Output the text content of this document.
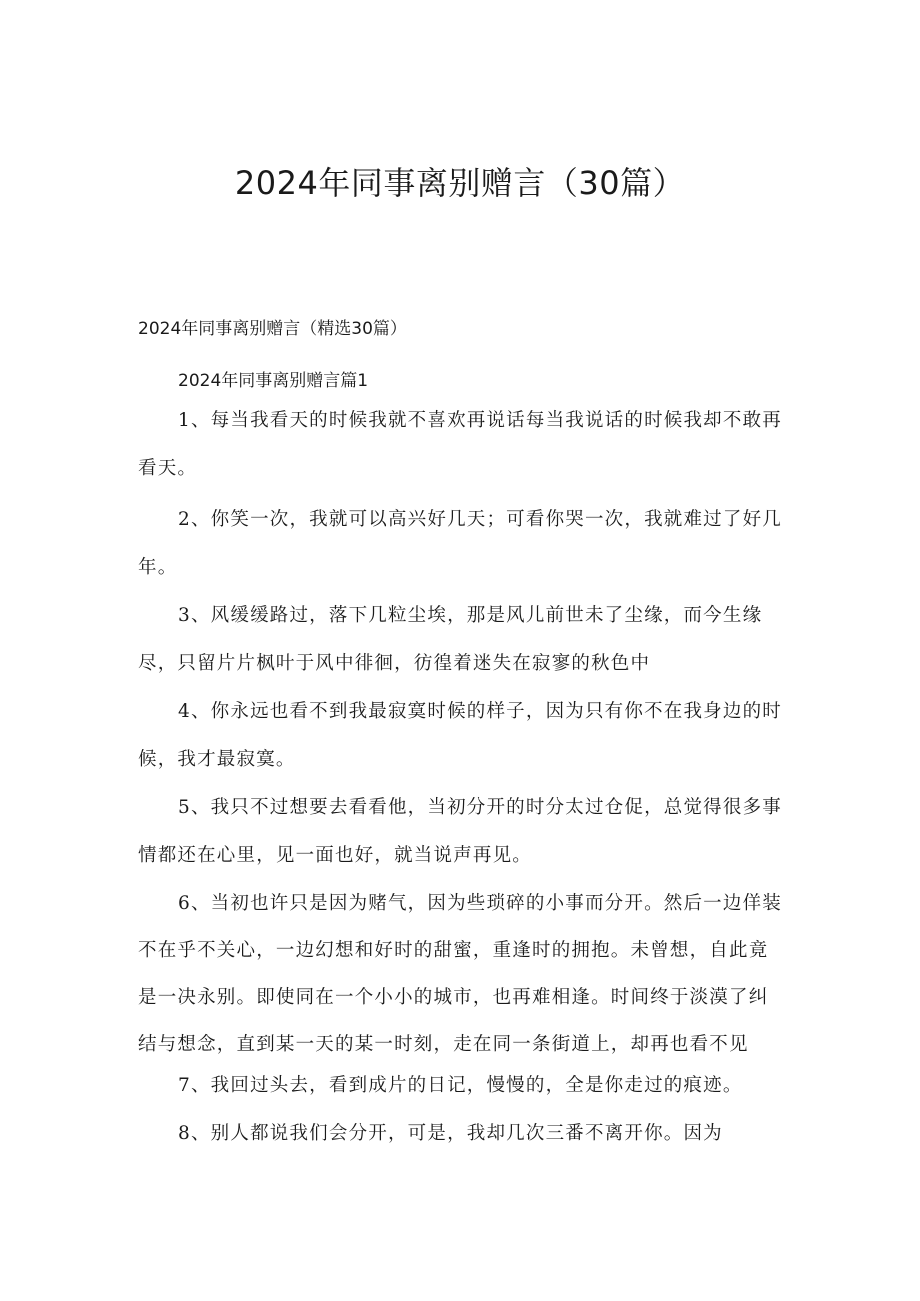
2024年同事离别赠言（30篇）

2024年同事离别赠言（精选30篇）

2024年同事离别赠言篇1

1、每当我看天的时候我就不喜欢再说话每当我说话的时候我却不敢再看天。

2、你笑一次，我就可以高兴好几天；可看你哭一次，我就难过了好几年。

3、风缓缓路过，落下几粒尘埃，那是风儿前世未了尘缘，而今生缘尽，只留片片枫叶于风中徘徊，彷徨着迷失在寂寥的秋色中

4、你永远也看不到我最寂寞时候的样子，因为只有你不在我身边的时候，我才最寂寞。

5、我只不过想要去看看他，当初分开的时分太过仓促，总觉得很多事情都还在心里，见一面也好，就当说声再见。

6、当初也许只是因为赌气，因为些琐碎的小事而分开。然后一边佯装不在乎不关心，一边幻想和好时的甜蜜，重逢时的拥抱。未曾想，自此竟是一决永别。即使同在一个小小的城市，也再难相逢。时间终于淡漠了纠结与想念，直到某一天的某一时刻，走在同一条街道上，却再也看不见

7、我回过头去，看到成片的日记，慢慢的，全是你走过的痕迹。

8、别人都说我们会分开，可是，我却几次三番不离开你。因为
